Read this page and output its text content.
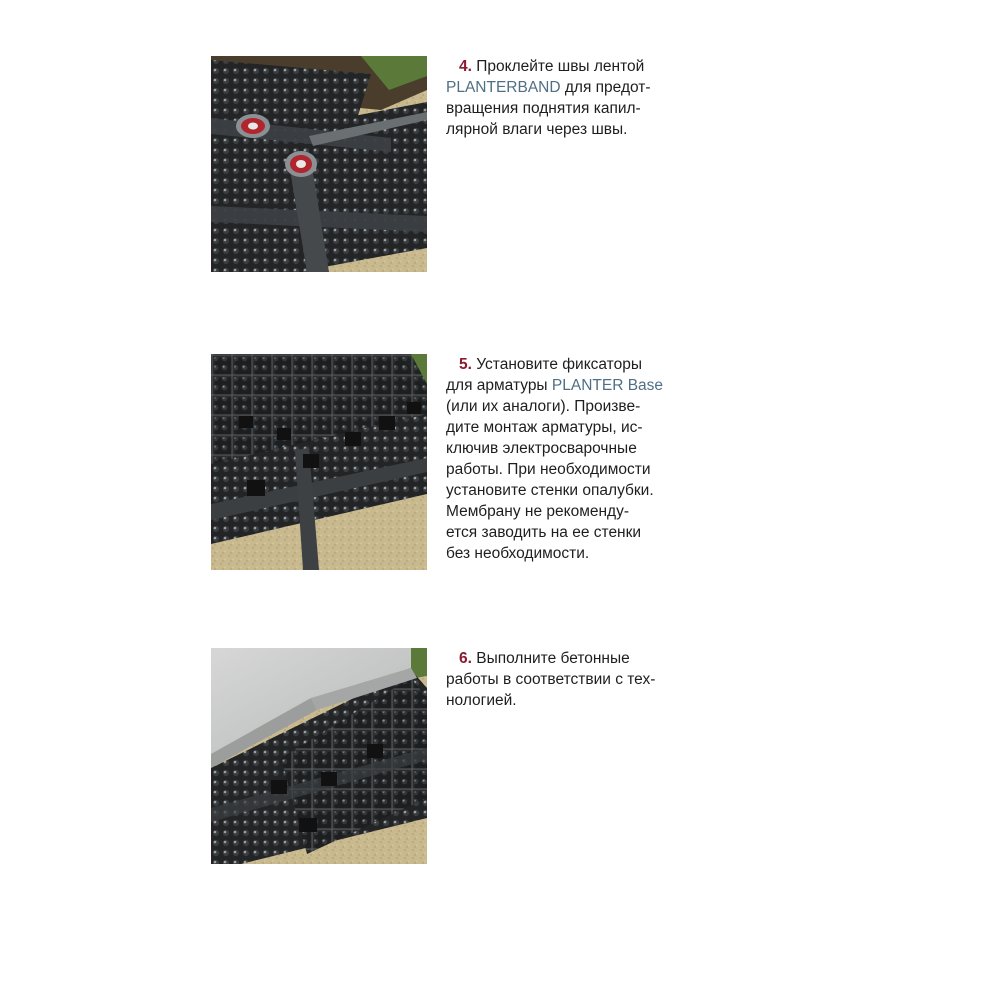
4. Проклейте швы лентой
PLANTERBAND для предот-
вращения поднятия капил-
лярной влаги через швы.

5. Установите фиксаторы
для арматуры PLANTER Base
(или их аналоги). Произве-
дите монтаж арматуры, ис-
ключив электросварочные
работы. При необходимости
установите стенки опалубки.
Мембрану не рекоменду-
ется заводить на ее стенки
без необходимости.

6. Выполните бетонные
работы в соответствии с тех-
нологией.
